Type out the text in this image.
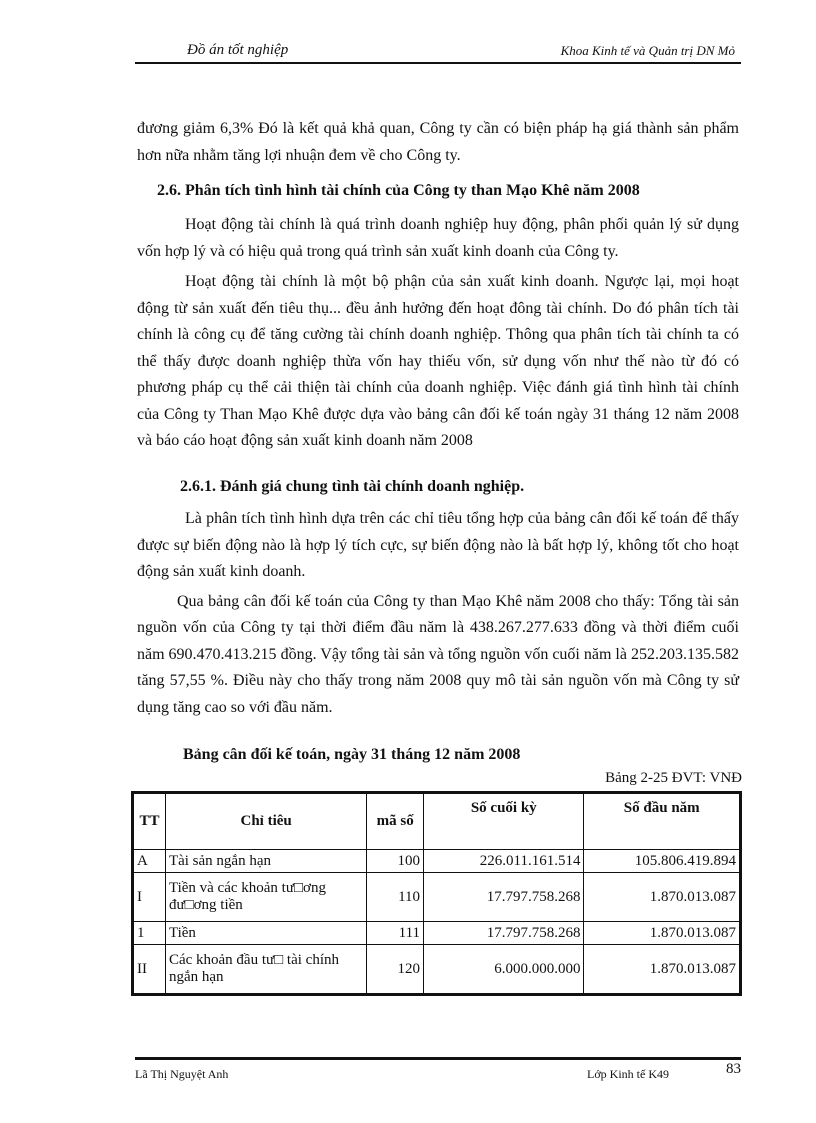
Đồ án tốt nghiệp	Khoa Kinh tế và Quản trị DN Mỏ

đương giảm 6,3% Đó là kết quả khả quan, Công ty cần có biện pháp hạ giá thành sản phẩm hơn nữa nhằm tăng lợi nhuận đem về cho Công ty.

2.6. Phân tích tình hình tài chính của Công ty than Mạo Khê năm 2008

Hoạt động tài chính là quá trình doanh nghiệp huy động, phân phối quản lý sử dụng vốn hợp lý và có hiệu quả trong quá trình sản xuất kinh doanh của Công ty.

Hoạt động tài chính là một bộ phận của sản xuất kinh doanh. Ngược lại, mọi hoạt động từ sản xuất đến tiêu thụ... đều ảnh hưởng đến hoạt đông tài chính. Do đó phân tích tài chính là công cụ để tăng cường tài chính doanh nghiệp. Thông qua phân tích tài chính ta có thể thấy được doanh nghiệp thừa vốn hay thiếu vốn, sử dụng vốn như thế nào từ đó có phương pháp cụ thể cải thiện tài chính của doanh nghiệp. Việc đánh giá tình hình tài chính của Công ty Than Mạo Khê được dựa vào bảng cân đối kế toán ngày 31 tháng 12 năm 2008 và báo cáo hoạt động sản xuất kinh doanh năm 2008

2.6.1. Đánh giá chung tình tài chính doanh nghiệp.

Là phân tích tình hình dựa trên các chỉ tiêu tổng hợp của bảng cân đối kế toán để thấy được sự biến động nào là hợp lý tích cực, sự biến động nào là bất hợp lý, không tốt cho hoạt động sản xuất kinh doanh.

Qua bảng cân đối kế toán của Công ty than Mạo Khê năm 2008 cho thấy: Tổng tài sản nguồn vốn của Công ty tại thời điểm đầu năm là 438.267.277.633 đồng và thời điểm cuối năm 690.470.413.215 đồng. Vậy tổng tài sản và tổng nguồn vốn cuối năm là 252.203.135.582 tăng 57,55 %. Điều này cho thấy trong năm 2008 quy mô tài sản nguồn vốn mà Công ty sử dụng tăng cao so với đầu năm.

Bảng cân đối kế toán, ngày 31 tháng 12 năm 2008
Bảng 2-25 ĐVT: VNĐ
TT	Chỉ tiêu	mã số	Số cuối kỳ	Số đầu năm
A	Tài sản ngắn hạn	100	226.011.161.514	105.806.419.894
I	Tiền và các khoản tư□ơng đư□ơng tiền	110	17.797.758.268	1.870.013.087
1	Tiền	111	17.797.758.268	1.870.013.087
II	Các khoản đầu tư□ tài chính ngắn hạn	120	6.000.000.000	1.870.013.087
Lã Thị Nguyệt Anh	Lớp Kinh tế K49	83
